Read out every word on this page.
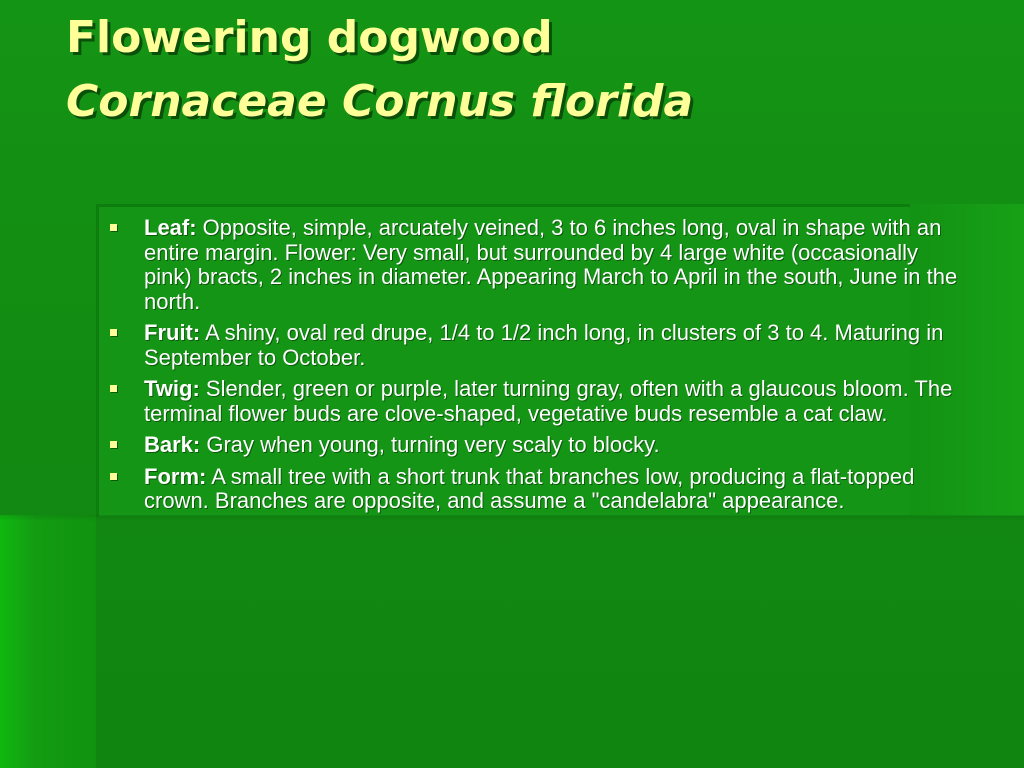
Flowering dogwood
Cornaceae Cornus florida
Leaf: Opposite, simple, arcuately veined, 3 to 6 inches long, oval in shape with an entire margin. Flower: Very small, but surrounded by 4 large white (occasionally pink) bracts, 2 inches in diameter. Appearing March to April in the south, June in the north.
Fruit: A shiny, oval red drupe, 1/4 to 1/2 inch long, in clusters of 3 to 4. Maturing in September to October.
Twig: Slender, green or purple, later turning gray, often with a glaucous bloom. The terminal flower buds are clove-shaped, vegetative buds resemble a cat claw.
Bark: Gray when young, turning very scaly to blocky.
Form: A small tree with a short trunk that branches low, producing a flat-topped crown. Branches are opposite, and assume a "candelabra" appearance.
